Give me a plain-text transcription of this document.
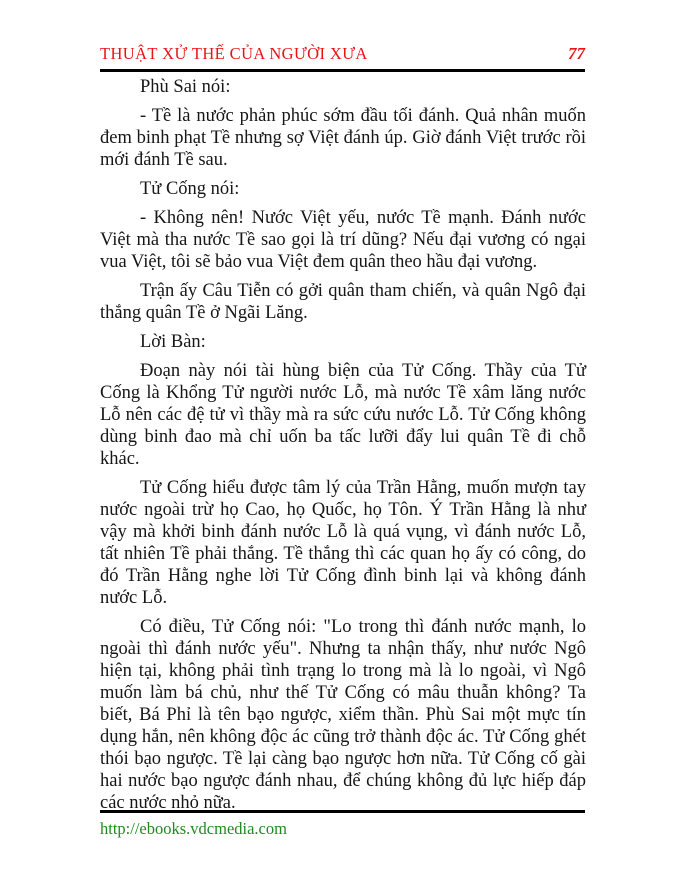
THUẬT XỬ THẾ CỦA NGƯỜI XƯA	77

Phù Sai nói:

- Tề là nước phản phúc sớm đầu tối đánh. Quả nhân muốn đem binh phạt Tề nhưng sợ Việt đánh úp. Giờ đánh Việt trước rồi mới đánh Tề sau.

Tử Cống nói:

- Không nên! Nước Việt yếu, nước Tề mạnh. Đánh nước Việt mà tha nước Tề sao gọi là trí dũng? Nếu đại vương có ngại vua Việt, tôi sẽ bảo vua Việt đem quân theo hầu đại vương.

Trận ấy Câu Tiễn có gởi quân tham chiến, và quân Ngô đại thắng quân Tề ở Ngãi Lăng.

Lời Bàn:

Đoạn này nói tài hùng biện của Tử Cống. Thầy của Tử Cống là Khổng Tử người nước Lỗ, mà nước Tề xâm lăng nước Lỗ nên các đệ tử vì thầy mà ra sức cứu nước Lỗ. Tử Cống không dùng binh đao mà chỉ uốn ba tấc lưỡi đẩy lui quân Tề đi chỗ khác.

Tử Cống hiểu được tâm lý của Trần Hằng, muốn mượn tay nước ngoài trừ họ Cao, họ Quốc, họ Tôn. Ý Trần Hằng là như vậy mà khởi binh đánh nước Lỗ là quá vụng, vì đánh nước Lỗ, tất nhiên Tề phải thắng. Tề thắng thì các quan họ ấy có công, do đó Trần Hằng nghe lời Tử Cống đình binh lại và không đánh nước Lỗ.

Có điều, Tử Cống nói: "Lo trong thì đánh nước mạnh, lo ngoài thì đánh nước yếu". Nhưng ta nhận thấy, như nước Ngô hiện tại, không phải tình trạng lo trong mà là lo ngoài, vì Ngô muốn làm bá chủ, như thế Tử Cống có mâu thuẫn không? Ta biết, Bá Phỉ là tên bạo ngược, xiểm thần. Phù Sai một mực tín dụng hắn, nên không độc ác cũng trở thành độc ác. Tử Cống ghét thói bạo ngược. Tề lại càng bạo ngược hơn nữa. Tử Cống cố gài hai nước bạo ngược đánh nhau, để chúng không đủ lực hiếp đáp các nước nhỏ nữa.

http://ebooks.vdcmedia.com
